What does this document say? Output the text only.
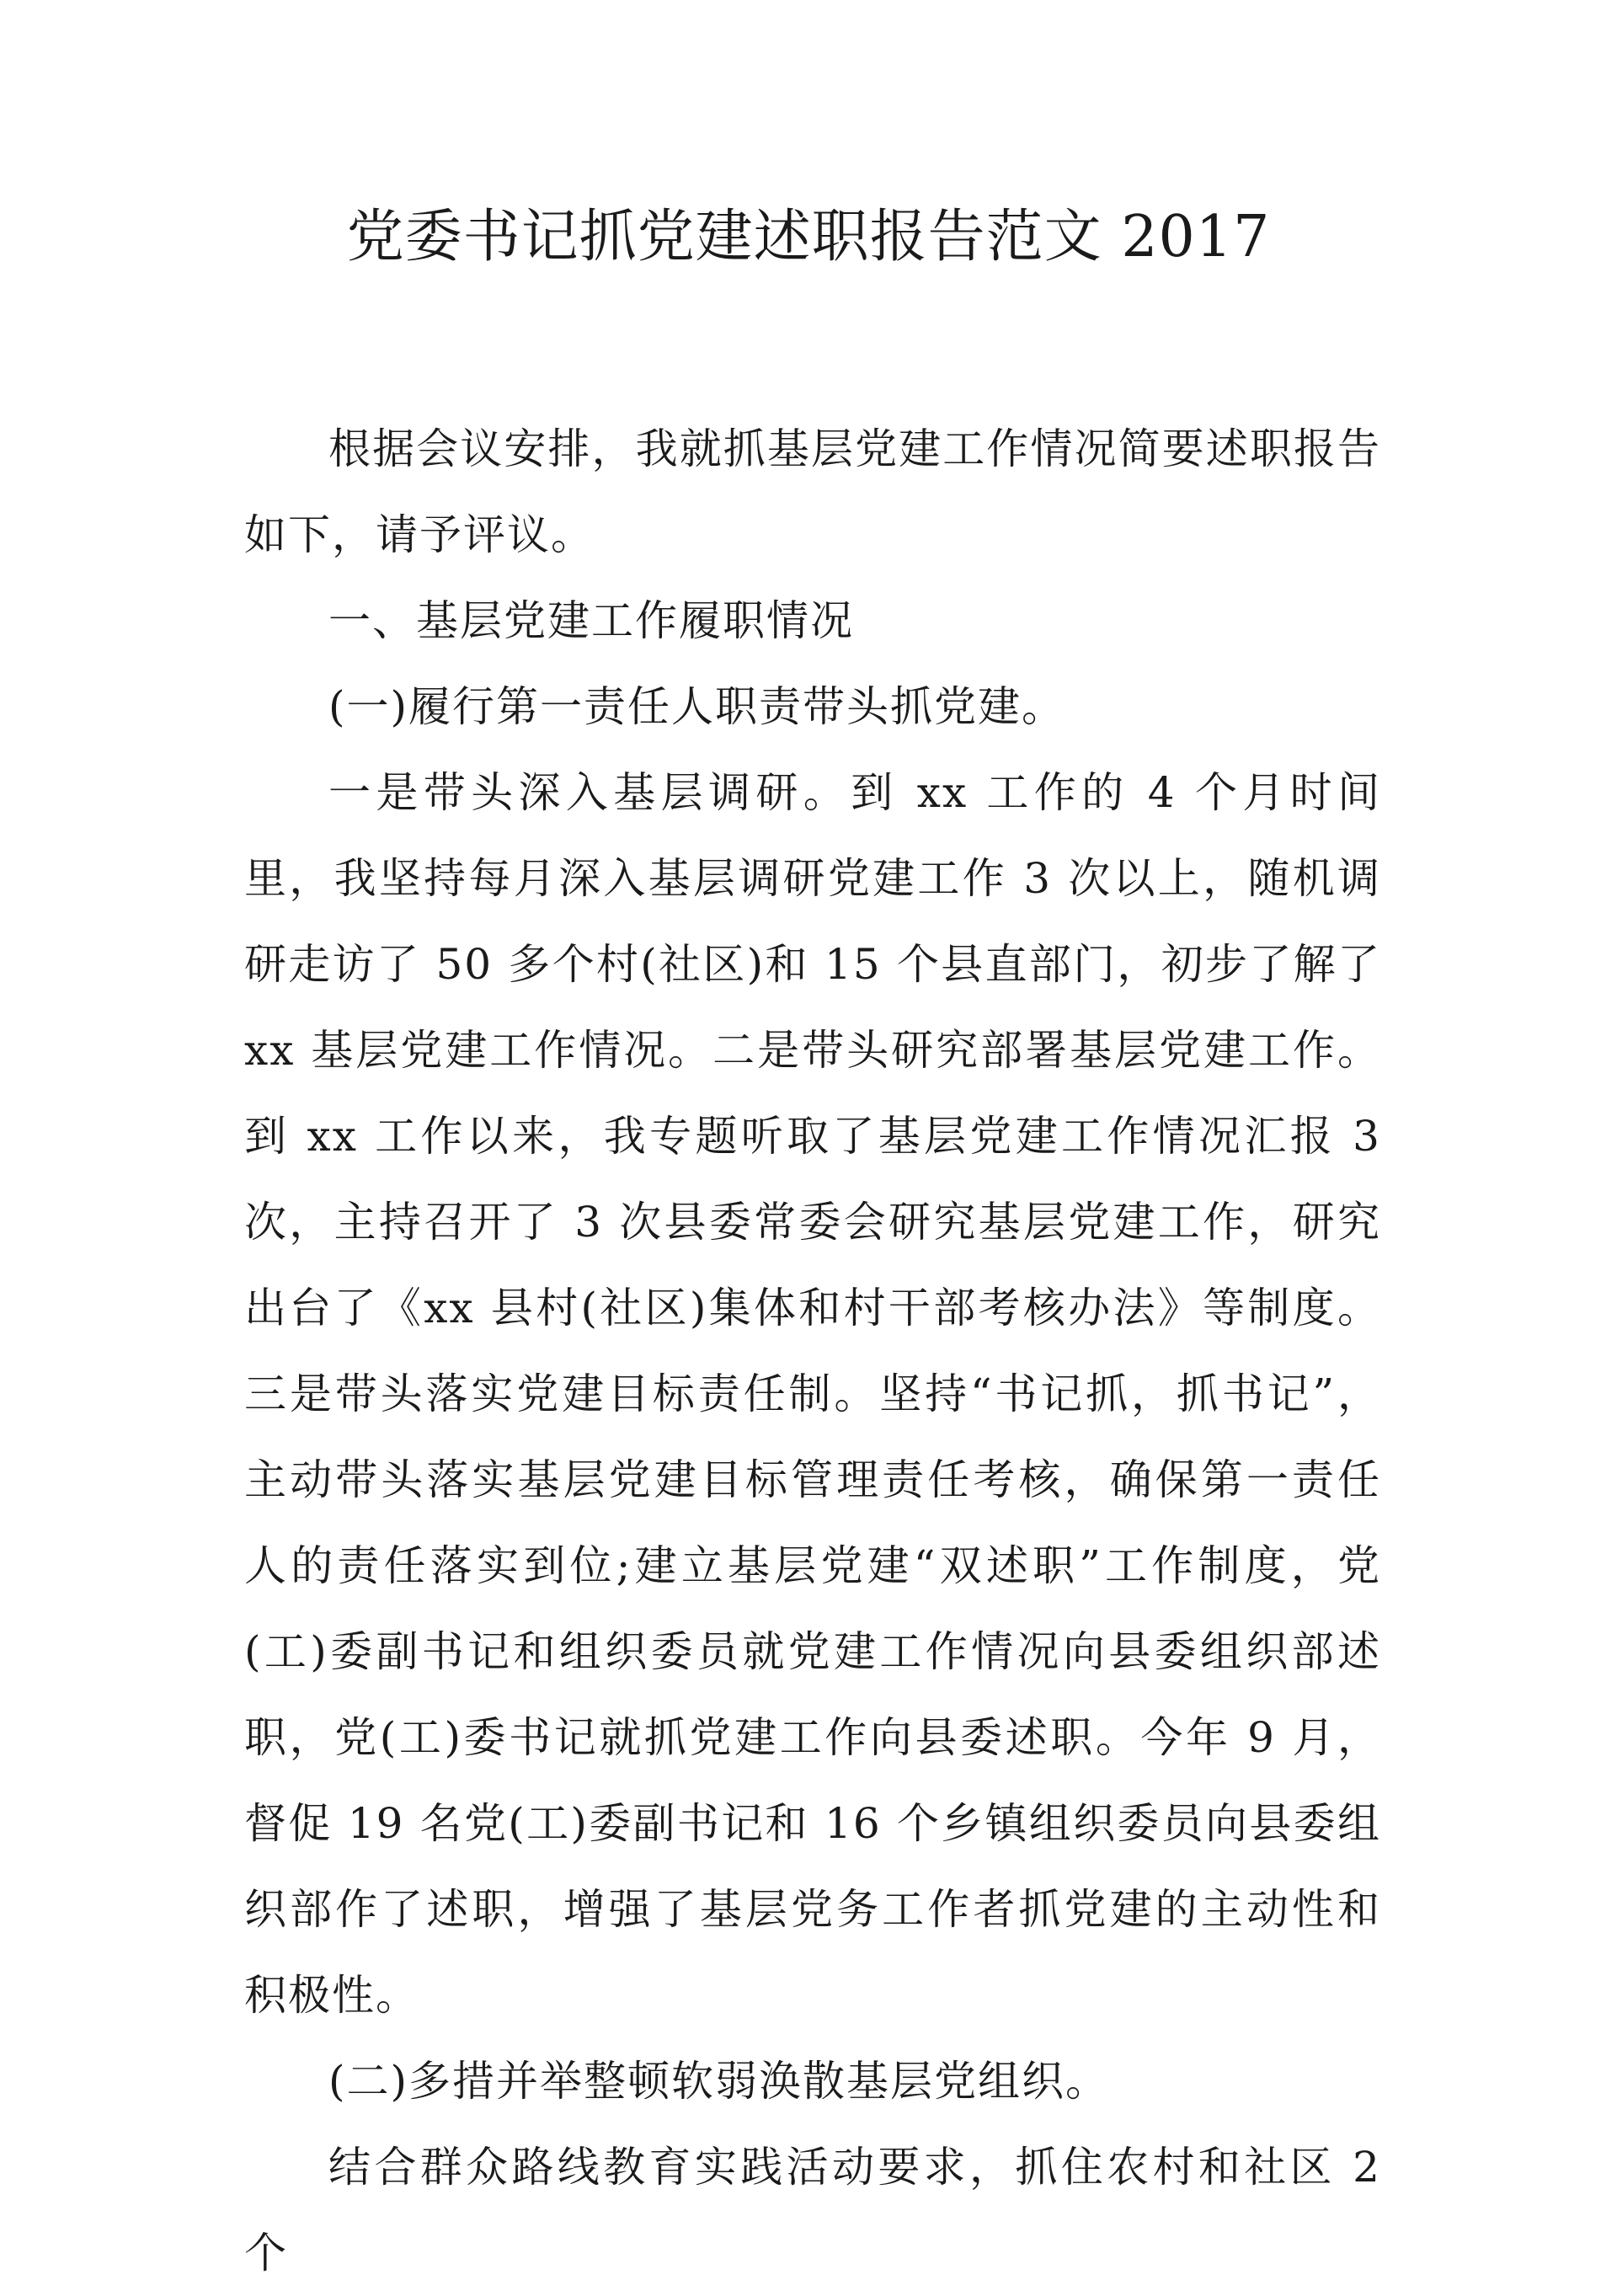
党委书记抓党建述职报告范文 2017

根据会议安排，我就抓基层党建工作情况简要述职报告如下，请予评议。

一、基层党建工作履职情况

(一)履行第一责任人职责带头抓党建。

一是带头深入基层调研。到 xx 工作的 4 个月时间里，我坚持每月深入基层调研党建工作 3 次以上，随机调研走访了 50 多个村(社区)和 15 个县直部门，初步了解了 xx 基层党建工作情况。二是带头研究部署基层党建工作。到 xx 工作以来，我专题听取了基层党建工作情况汇报 3 次，主持召开了 3 次县委常委会研究基层党建工作，研究出台了《xx 县村(社区)集体和村干部考核办法》等制度。三是带头落实党建目标责任制。坚持“书记抓，抓书记”，主动带头落实基层党建目标管理责任考核，确保第一责任人的责任落实到位;建立基层党建“双述职”工作制度，党(工)委副书记和组织委员就党建工作情况向县委组织部述职，党(工)委书记就抓党建工作向县委述职。今年 9 月，督促 19 名党(工)委副书记和 16 个乡镇组织委员向县委组织部作了述职，增强了基层党务工作者抓党建的主动性和积极性。

(二)多措并举整顿软弱涣散基层党组织。

结合群众路线教育实践活动要求，抓住农村和社区 2 个
